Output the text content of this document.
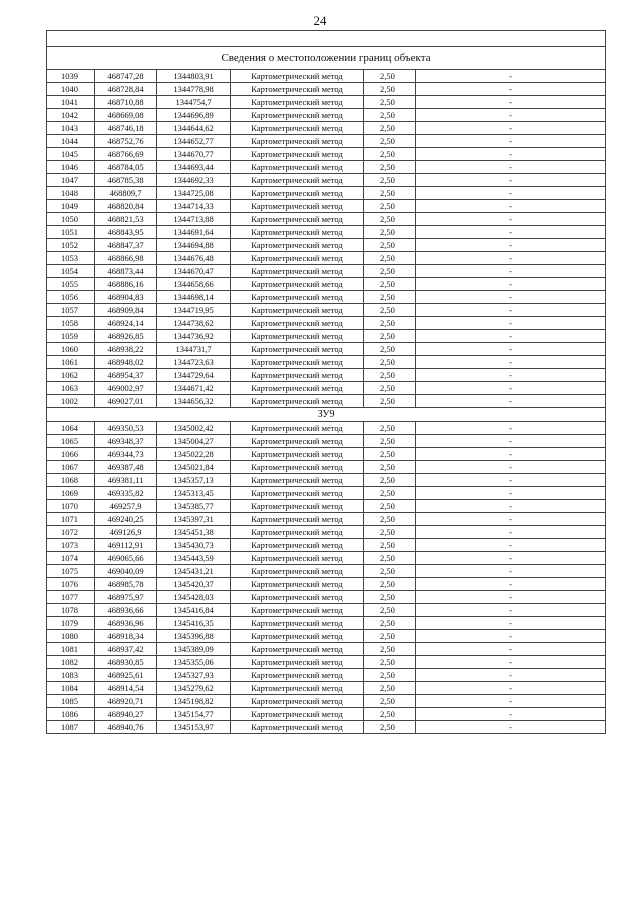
24

Сведения о местоположении границ объекта					
1039	468747,28	1344803,91	Картометрический метод	2,50	-
1040	468728,84	1344778,98	Картометрический метод	2,50	-
1041	468710,88	1344754,7	Картометрический метод	2,50	-
1042	468669,08	1344696,89	Картометрический метод	2,50	-
1043	468746,18	1344644,62	Картометрический метод	2,50	-
1044	468752,76	1344652,77	Картометрический метод	2,50	-
1045	468766,69	1344670,77	Картометрический метод	2,50	-
1046	468784,05	1344693,44	Картометрический метод	2,50	-
1047	468785,38	1344692,33	Картометрический метод	2,50	-
1048	468809,7	1344725,08	Картометрический метод	2,50	-
1049	468820,84	1344714,33	Картометрический метод	2,50	-
1050	468821,53	1344713,88	Картометрический метод	2,50	-
1051	468843,95	1344691,64	Картометрический метод	2,50	-
1052	468847,37	1344694,88	Картометрический метод	2,50	-
1053	468866,98	1344676,48	Картометрический метод	2,50	-
1054	468873,44	1344670,47	Картометрический метод	2,50	-
1055	468886,16	1344658,66	Картометрический метод	2,50	-
1056	468904,83	1344698,14	Картометрический метод	2,50	-
1057	468909,84	1344719,95	Картометрический метод	2,50	-
1058	468924,14	1344738,62	Картометрический метод	2,50	-
1059	468926,85	1344736,92	Картометрический метод	2,50	-
1060	468938,22	1344731,7	Картометрический метод	2,50	-
1061	468948,02	1344723,63	Картометрический метод	2,50	-
1062	468954,37	1344729,64	Картометрический метод	2,50	-
1063	469002,97	1344671,42	Картометрический метод	2,50	-
1002	469027,01	1344656,32	Картометрический метод	2,50	-
ЗУ9					
1064	469350,53	1345002,42	Картометрический метод	2,50	-
1065	469348,37	1345004,27	Картометрический метод	2,50	-
1066	469344,73	1345022,28	Картометрический метод	2,50	-
1067	469387,48	1345021,84	Картометрический метод	2,50	-
1068	469381,11	1345357,13	Картометрический метод	2,50	-
1069	469335,82	1345313,45	Картометрический метод	2,50	-
1070	469257,9	1345385,77	Картометрический метод	2,50	-
1071	469240,25	1345397,31	Картометрический метод	2,50	-
1072	469126,9	1345451,38	Картометрический метод	2,50	-
1073	469112,91	1345430,73	Картометрический метод	2,50	-
1074	469065,66	1345443,59	Картометрический метод	2,50	-
1075	469040,09	1345431,21	Картометрический метод	2,50	-
1076	468985,78	1345420,37	Картометрический метод	2,50	-
1077	468975,97	1345428,03	Картометрический метод	2,50	-
1078	468936,66	1345416,84	Картометрический метод	2,50	-
1079	468936,96	1345416,35	Картометрический метод	2,50	-
1080	468918,34	1345396,88	Картометрический метод	2,50	-
1081	468937,42	1345389,09	Картометрический метод	2,50	-
1082	468930,85	1345355,06	Картометрический метод	2,50	-
1083	468925,61	1345327,93	Картометрический метод	2,50	-
1084	468914,54	1345279,62	Картометрический метод	2,50	-
1085	468920,71	1345198,82	Картометрический метод	2,50	-
1086	468940,27	1345154,77	Картометрический метод	2,50	-
1087	468940,76	1345153,97	Картометрический метод	2,50	-
